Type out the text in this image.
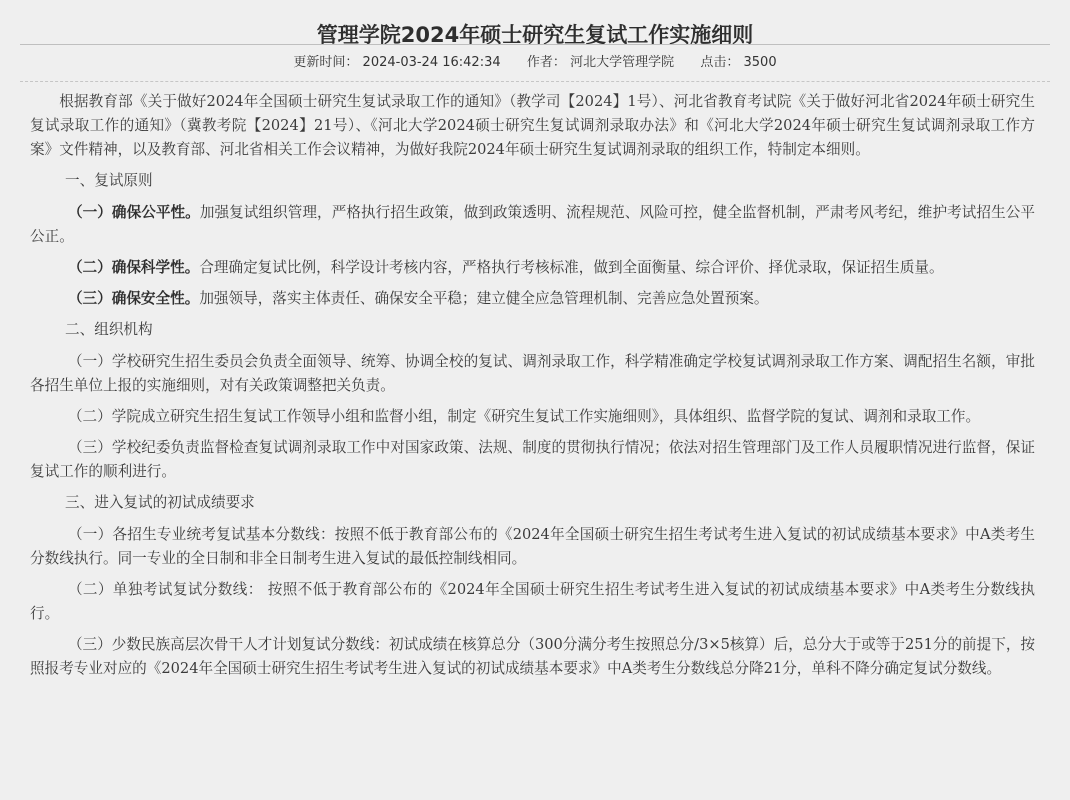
管理学院2024年硕士研究生复试工作实施细则
更新时间： 2024-03-24 16:42:34 作者： 河北大学管理学院 点击： 3500

根据教育部《关于做好2024年全国硕士研究生复试录取工作的通知》（教学司【2024】1号）、河北省教育考试院《关于做好河北省2024年硕士研究生复试录取工作的通知》（冀教考院【2024】21号）、《河北大学2024硕士研究生复试调剂录取办法》和《河北大学2024年硕士研究生复试调剂录取工作方案》文件精神，以及教育部、河北省相关工作会议精神，为做好我院2024年硕士研究生复试调剂录取的组织工作，特制定本细则。

一、复试原则

（一）确保公平性。加强复试组织管理，严格执行招生政策，做到政策透明、流程规范、风险可控，健全监督机制，严肃考风考纪，维护考试招生公平公正。

（二）确保科学性。合理确定复试比例，科学设计考核内容，严格执行考核标准，做到全面衡量、综合评价、择优录取，保证招生质量。

（三）确保安全性。加强领导，落实主体责任、确保安全平稳；建立健全应急管理机制、完善应急处置预案。

二、组织机构

（一）学校研究生招生委员会负责全面领导、统筹、协调全校的复试、调剂录取工作，科学精准确定学校复试调剂录取工作方案、调配招生名额，审批各招生单位上报的实施细则，对有关政策调整把关负责。

（二）学院成立研究生招生复试工作领导小组和监督小组，制定《研究生复试工作实施细则》，具体组织、监督学院的复试、调剂和录取工作。

（三）学校纪委负责监督检查复试调剂录取工作中对国家政策、法规、制度的贯彻执行情况；依法对招生管理部门及工作人员履职情况进行监督，保证复试工作的顺利进行。

三、进入复试的初试成绩要求

（一）各招生专业统考复试基本分数线：按照不低于教育部公布的《2024年全国硕士研究生招生考试考生进入复试的初试成绩基本要求》中A类考生分数线执行。同一专业的全日制和非全日制考生进入复试的最低控制线相同。

（二）单独考试复试分数线： 按照不低于教育部公布的《2024年全国硕士研究生招生考试考生进入复试的初试成绩基本要求》中A类考生分数线执行。

（三）少数民族高层次骨干人才计划复试分数线：初试成绩在核算总分（300分满分考生按照总分/3×5核算）后，总分大于或等于251分的前提下，按照报考专业对应的《2024年全国硕士研究生招生考试考生进入复试的初试成绩基本要求》中A类考生分数线总分降21分，单科不降分确定复试分数线。
